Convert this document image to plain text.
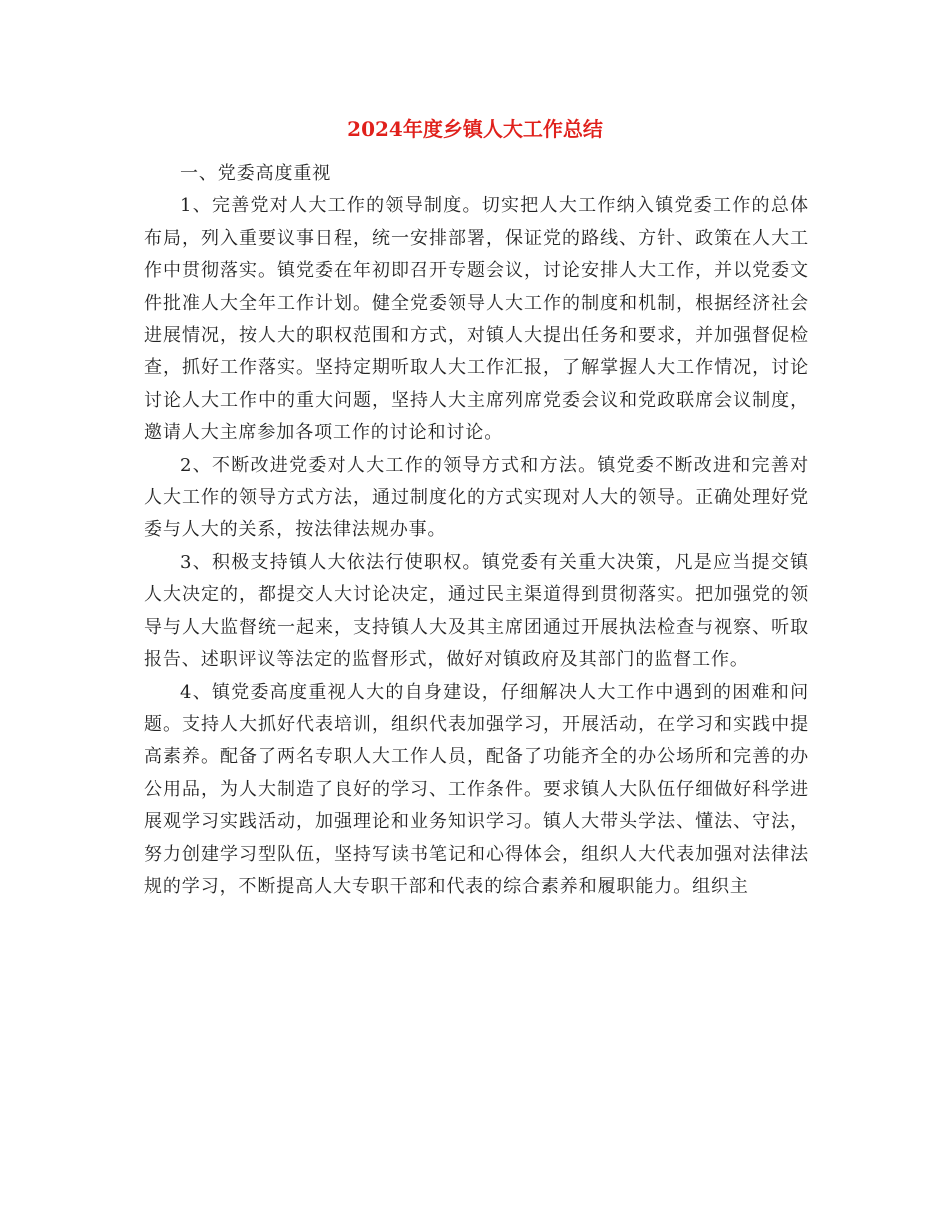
2024年度乡镇人大工作总结

一、党委高度重视

1、完善党对人大工作的领导制度。切实把人大工作纳入镇党委工作的总体布局，列入重要议事日程，统一安排部署，保证党的路线、方针、政策在人大工作中贯彻落实。镇党委在年初即召开专题会议，讨论安排人大工作，并以党委文件批准人大全年工作计划。健全党委领导人大工作的制度和机制，根据经济社会进展情况，按人大的职权范围和方式，对镇人大提出任务和要求，并加强督促检查，抓好工作落实。坚持定期听取人大工作汇报，了解掌握人大工作情况，讨论讨论人大工作中的重大问题，坚持人大主席列席党委会议和党政联席会议制度，邀请人大主席参加各项工作的讨论和讨论。

2、不断改进党委对人大工作的领导方式和方法。镇党委不断改进和完善对人大工作的领导方式方法，通过制度化的方式实现对人大的领导。正确处理好党委与人大的关系，按法律法规办事。

3、积极支持镇人大依法行使职权。镇党委有关重大决策，凡是应当提交镇人大决定的，都提交人大讨论决定，通过民主渠道得到贯彻落实。把加强党的领导与人大监督统一起来，支持镇人大及其主席团通过开展执法检查与视察、听取报告、述职评议等法定的监督形式，做好对镇政府及其部门的监督工作。

4、镇党委高度重视人大的自身建设，仔细解决人大工作中遇到的困难和问题。支持人大抓好代表培训，组织代表加强学习，开展活动，在学习和实践中提高素养。配备了两名专职人大工作人员，配备了功能齐全的办公场所和完善的办公用品，为人大制造了良好的学习、工作条件。要求镇人大队伍仔细做好科学进展观学习实践活动，加强理论和业务知识学习。镇人大带头学法、懂法、守法，努力创建学习型队伍，坚持写读书笔记和心得体会，组织人大代表加强对法律法规的学习，不断提高人大专职干部和代表的综合素养和履职能力。组织主
